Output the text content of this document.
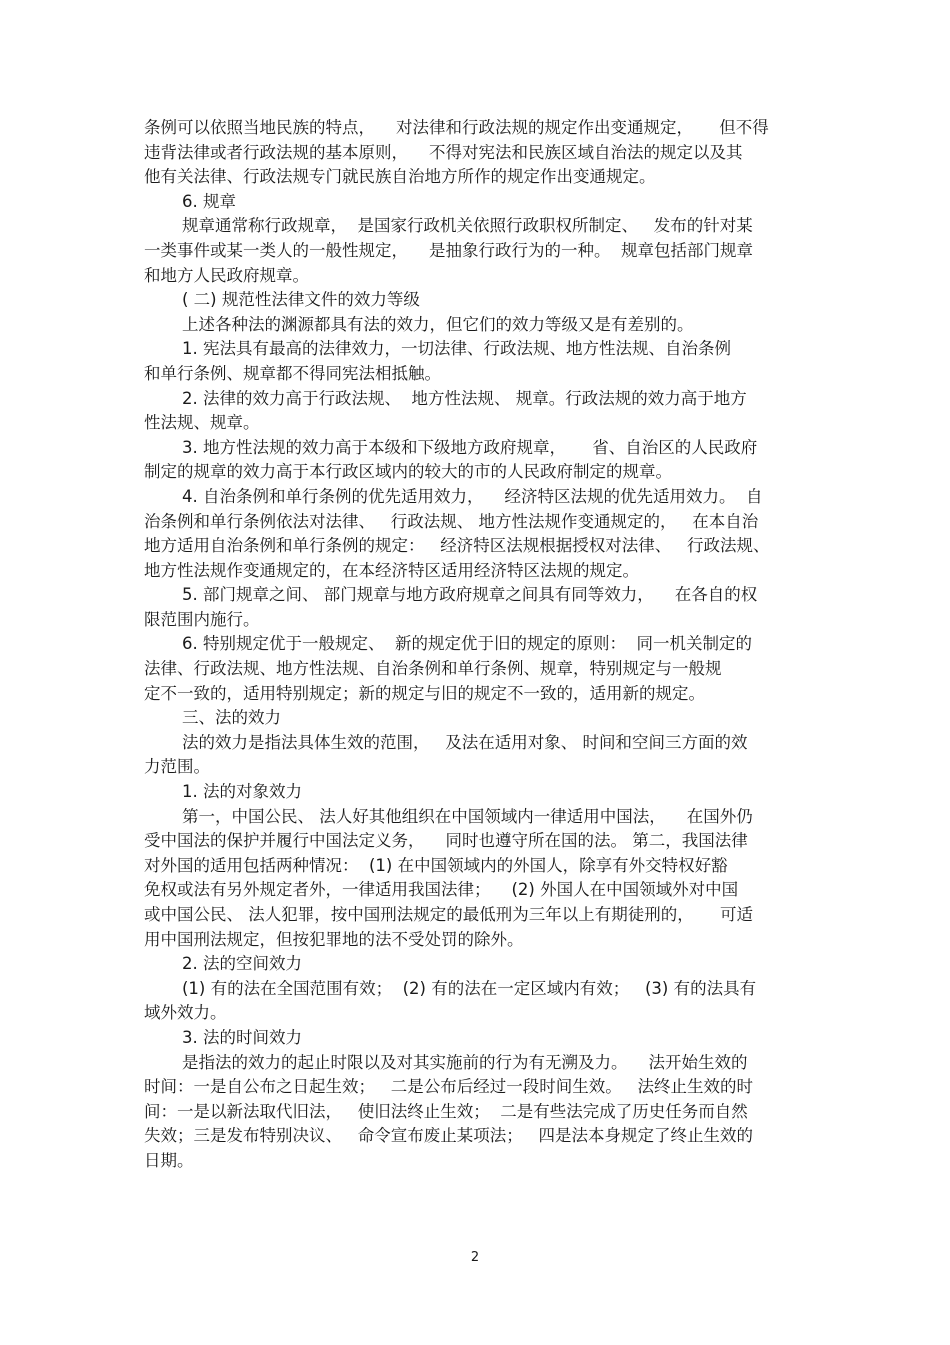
条例可以依照当地民族的特点，    对法律和行政法规的规定作出变通规定，     但不得
违背法律或者行政法规的基本原则，    不得对宪法和民族区域自治法的规定以及其
他有关法律、行政法规专门就民族自治地方所作的规定作出变通规定。
6. 规章
规章通常称行政规章，  是国家行政机关依照行政职权所制定、   发布的针对某
一类事件或某一类人的一般性规定，    是抽象行政行为的一种。  规章包括部门规章
和地方人民政府规章。
( 二) 规范性法律文件的效力等级
上述各种法的渊源都具有法的效力，但它们的效力等级又是有差别的。
1. 宪法具有最高的法律效力，一切法律、行政法规、地方性法规、自治条例
和单行条例、规章都不得同宪法相抵触。
2. 法律的效力高于行政法规、  地方性法规、 规章。行政法规的效力高于地方
性法规、规章。
3. 地方性法规的效力高于本级和下级地方政府规章，     省、自治区的人民政府
制定的规章的效力高于本行政区域内的较大的市的人民政府制定的规章。
4. 自治条例和单行条例的优先适用效力，    经济特区法规的优先适用效力。  自
治条例和单行条例依法对法律、   行政法规、 地方性法规作变通规定的，   在本自治
地方适用自治条例和单行条例的规定：   经济特区法规根据授权对法律、   行政法规、
地方性法规作变通规定的，在本经济特区适用经济特区法规的规定。
5. 部门规章之间、 部门规章与地方政府规章之间具有同等效力，    在各自的权
限范围内施行。
6. 特别规定优于一般规定、  新的规定优于旧的规定的原则：  同一机关制定的
法律、行政法规、地方性法规、自治条例和单行条例、规章，特别规定与一般规
定不一致的，适用特别规定；新的规定与旧的规定不一致的，适用新的规定。
三、法的效力
法的效力是指法具体生效的范围，   及法在适用对象、 时间和空间三方面的效
力范围。
1. 法的对象效力
第一，中国公民、 法人好其他组织在中国领域内一律适用中国法，    在国外仍
受中国法的保护并履行中国法定义务，    同时也遵守所在国的法。 第二，我国法律
对外国的适用包括两种情况：  (1) 在中国领域内的外国人，除享有外交特权好豁
免权或法有另外规定者外，一律适用我国法律；    (2) 外国人在中国领域外对中国
或中国公民、 法人犯罪，按中国刑法规定的最低刑为三年以上有期徒刑的，     可适
用中国刑法规定，但按犯罪地的法不受处罚的除外。
2. 法的空间效力
(1) 有的法在全国范围有效；  (2) 有的法在一定区域内有效；   (3) 有的法具有
域外效力。
3. 法的时间效力
是指法的效力的起止时限以及对其实施前的行为有无溯及力。    法开始生效的
时间：一是自公布之日起生效；   二是公布后经过一段时间生效。   法终止生效的时
间：一是以新法取代旧法，   使旧法终止生效；  二是有些法完成了历史任务而自然
失效；三是发布特别决议、   命令宣布废止某项法；   四是法本身规定了终止生效的
日期。
2
